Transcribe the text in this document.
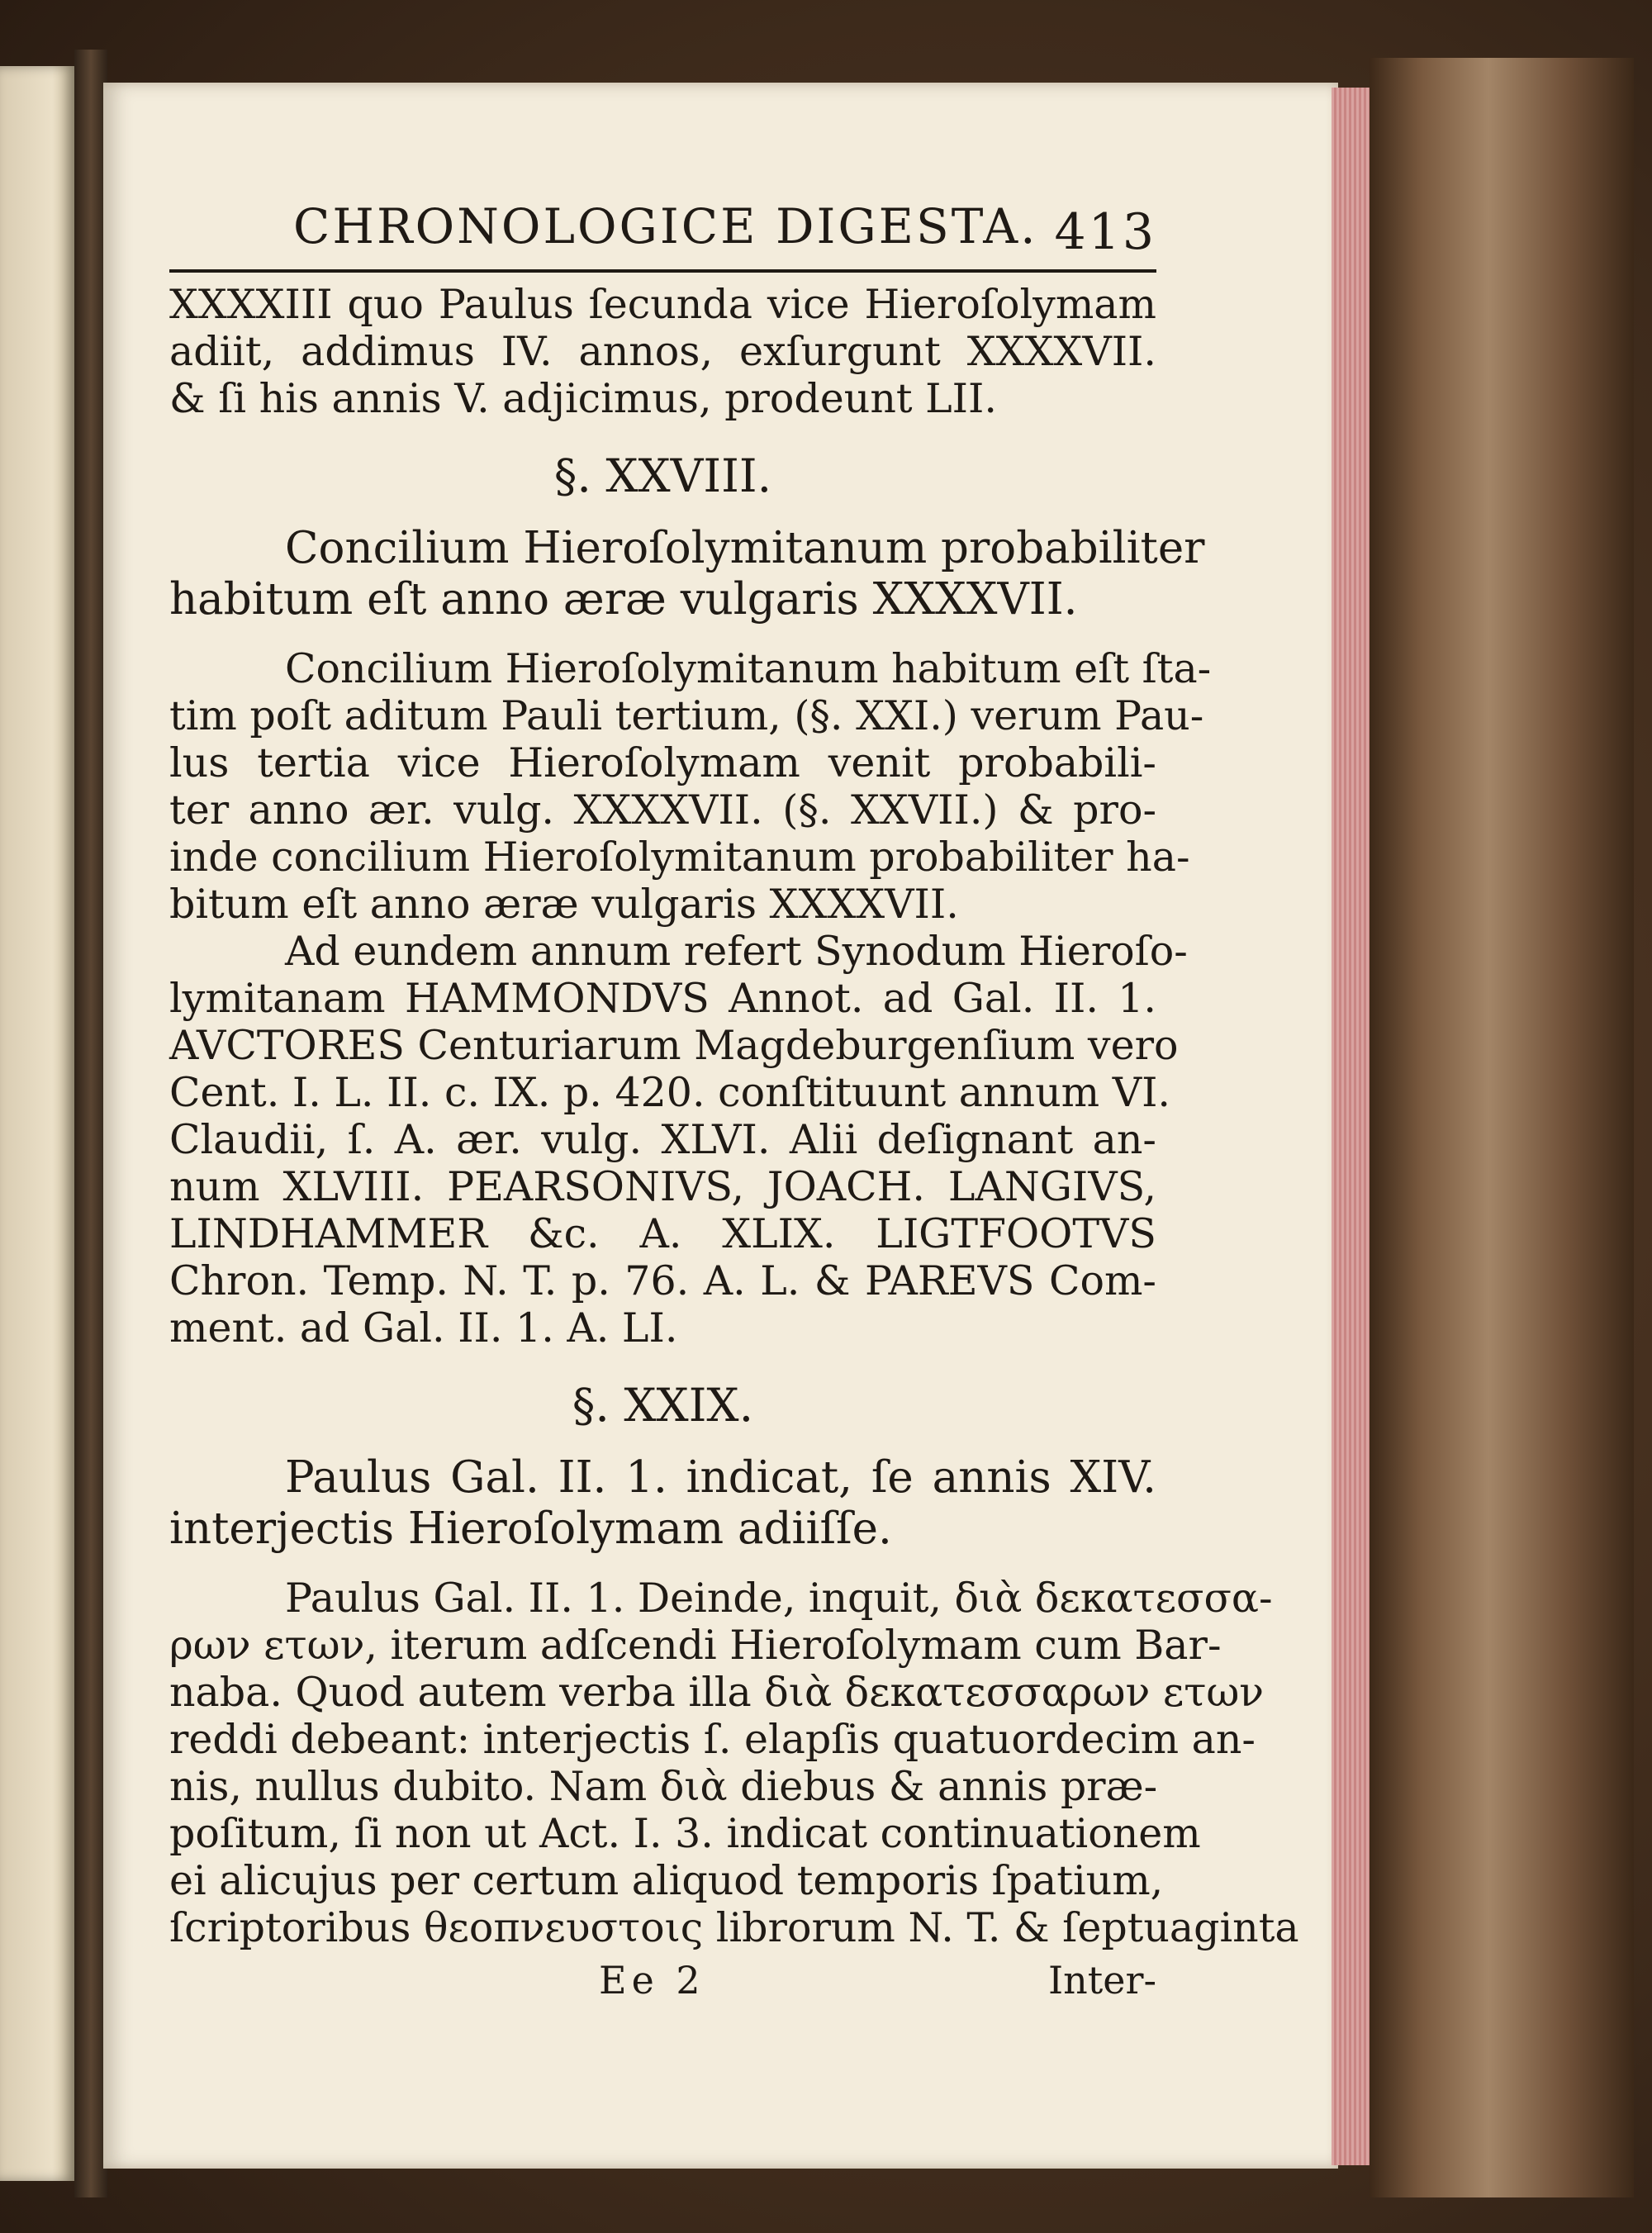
CHRONOLOGICE DIGESTA. 413
XXXXIII quo Paulus ſecunda vice Hieroſolymam
adiit, addimus IV. annos, exſurgunt XXXXVII.
& ſi his annis V. adjicimus, prodeunt LII.
§. XXVIII.
Concilium Hieroſolymitanum probabiliter
habitum eſt anno æræ vulgaris XXXXVII.
Concilium Hieroſolymitanum habitum eſt ſta-
tim poſt aditum Pauli tertium, (§. XXI.) verum Pau-
lus tertia vice Hieroſolymam venit probabili-
ter anno ær. vulg. XXXXVII. (§. XXVII.) & pro-
inde concilium Hieroſolymitanum probabiliter ha-
bitum eſt anno æræ vulgaris XXXXVII.
Ad eundem annum refert Synodum Hieroſo-
lymitanam HAMMONDVS Annot. ad Gal. II. 1.
AVCTORES Centuriarum Magdeburgenſium vero
Cent. I. L. II. c. IX. p. 420. conſtituunt annum VI.
Claudii, ſ. A. ær. vulg. XLVI. Alii deſignant an-
num XLVIII. PEARSONIVS, JOACH. LANGIVS,
LINDHAMMER &c. A. XLIX. LIGTFOOTVS
Chron. Temp. N. T. p. 76. A. L. & PAREVS Com-
ment. ad Gal. II. 1. A. LI.
§. XXIX.
Paulus Gal. II. 1. indicat, ſe annis XIV.
interjectis Hieroſolymam adiiſſe.
Paulus Gal. II. 1. Deinde, inquit, διὰ δεκατεσσα-
ρων ετων, iterum adſcendi Hieroſolymam cum Bar-
naba. Quod autem verba illa διὰ δεκατεσσαρων ετων
reddi debeant: interjectis ſ. elapſis quatuordecim an-
nis, nullus dubito. Nam διὰ diebus & annis præ-
poſitum, ſi non ut Act. I. 3. indicat continuationem
ei alicujus per certum aliquod temporis ſpatium,
ſcriptoribus θεοπνευστοις librorum N. T. & ſeptuaginta
Ee 2	Inter-
